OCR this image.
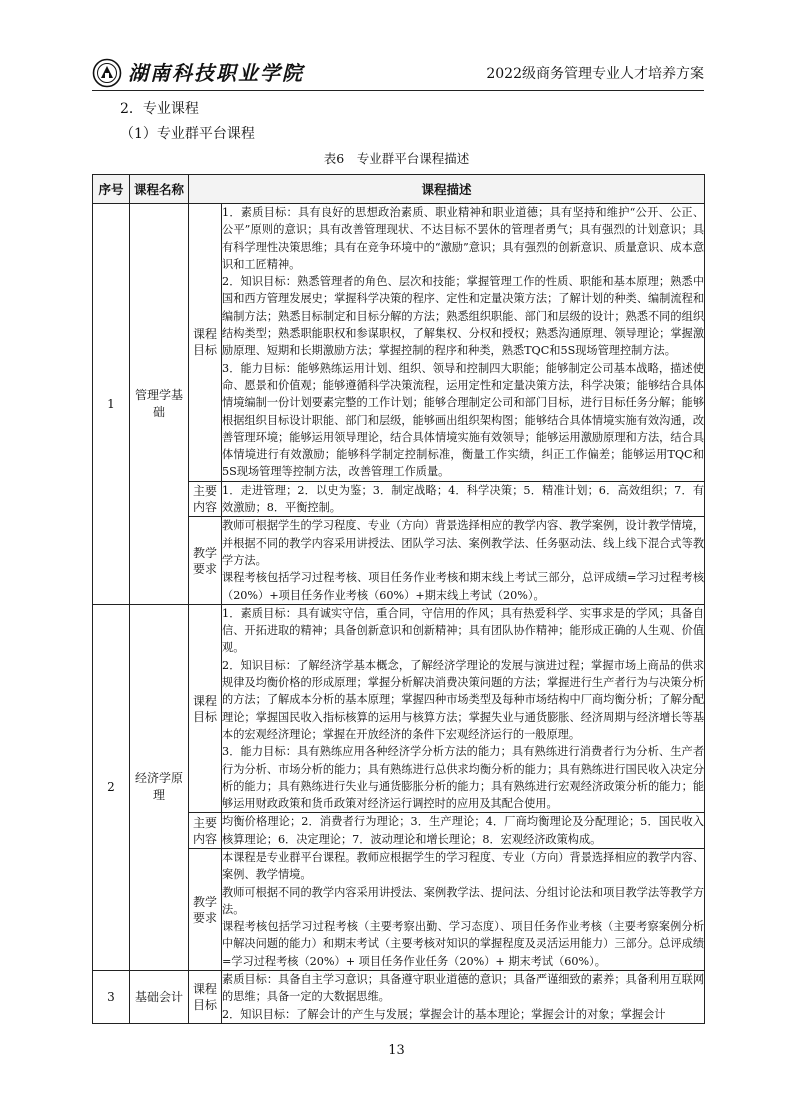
湖南科技职业学院	2022级商务管理专业人才培养方案
2．专业课程
（1）专业群平台课程
表6　专业群平台课程描述
序号	课程名称	课程描述	
1	管理学基础	课程目标	1．素质目标：具有良好的思想政治素质、职业精神和职业道德；具有坚持和维护“公开、公正、公平”原则的意识；具有改善管理现状、不达目标不罢休的管理者勇气；具有强烈的计划意识；具有科学理性决策思维；具有在竞争环境中的“激励”意识；具有强烈的创新意识、质量意识、成本意识和工匠精神。

2．知识目标：熟悉管理者的角色、层次和技能；掌握管理工作的性质、职能和基本原理；熟悉中国和西方管理发展史；掌握科学决策的程序、定性和定量决策方法；了解计划的种类、编制流程和编制方法；熟悉目标制定和目标分解的方法；熟悉组织职能、部门和层级的设计；熟悉不同的组织结构类型；熟悉职能职权和参谋职权，了解集权、分权和授权；熟悉沟通原理、领导理论；掌握激励原理、短期和长期激励方法；掌握控制的程序和种类，熟悉TQC和5S现场管理控制方法。

3．能力目标：能够熟练运用计划、组织、领导和控制四大职能；能够制定公司基本战略，描述使命、愿景和价值观；能够遵循科学决策流程，运用定性和定量决策方法，科学决策；能够结合具体情境编制一份计划要素完整的工作计划；能够合理制定公司和部门目标，进行目标任务分解；能够根据组织目标设计职能、部门和层级，能够画出组织架构图；能够结合具体情境实施有效沟通，改善管理环境；能够运用领导理论，结合具体情境实施有效领导；能够运用激励原理和方法，结合具体情境进行有效激励；能够科学制定控制标准，衡量工作实绩，纠正工作偏差；能够运用TQC和5S现场管理等控制方法，改善管理工作质量。

		主要内容	1．走进管理；2．以史为鉴；3．制定战略；4．科学决策；5．精准计划；6．高效组织；7．有效激励；8．平衡控制。

		教学要求	教师可根据学生的学习程度、专业（方向）背景选择相应的教学内容、教学案例，设计教学情境，并根据不同的教学内容采用讲授法、团队学习法、案例教学法、任务驱动法、线上线下混合式等教学方法。

课程考核包括学习过程考核、项目任务作业考核和期末线上考试三部分，总评成绩=学习过程考核（20%）+项目任务作业考核（60%）+期末线上考试（20%）。

2	经济学原理	课程目标	1．素质目标：具有诚实守信，重合同，守信用的作风；具有热爱科学、实事求是的学风；具备自信、开拓进取的精神；具备创新意识和创新精神；具有团队协作精神；能形成正确的人生观、价值观。

2．知识目标：了解经济学基本概念，了解经济学理论的发展与演进过程；掌握市场上商品的供求规律及均衡价格的形成原理；掌握分析解决消费决策问题的方法；掌握进行生产者行为与决策分析的方法；了解成本分析的基本原理；掌握四种市场类型及每种市场结构中厂商均衡分析；了解分配理论；掌握国民收入指标核算的运用与核算方法；掌握失业与通货膨胀、经济周期与经济增长等基本的宏观经济理论；掌握在开放经济的条件下宏观经济运行的一般原理。

3．能力目标：具有熟练应用各种经济学分析方法的能力；具有熟练进行消费者行为分析、生产者行为分析、市场分析的能力；具有熟练进行总供求均衡分析的能力；具有熟练进行国民收入决定分析的能力；具有熟练进行失业与通货膨胀分析的能力；具有熟练进行宏观经济政策分析的能力；能够运用财政政策和货币政策对经济运行调控时的应用及其配合使用。

		主要内容	均衡价格理论；2．消费者行为理论；3．生产理论；4．厂商均衡理论及分配理论；5．国民收入核算理论；6．决定理论；7．波动理论和增长理论；8．宏观经济政策构成。

		教学要求	本课程是专业群平台课程。教师应根据学生的学习程度、专业（方向）背景选择相应的教学内容、案例、教学情境。

教师可根据不同的教学内容采用讲授法、案例教学法、提问法、分组讨论法和项目教学法等教学方法。

课程考核包括学习过程考核（主要考察出勤、学习态度）、项目任务作业考核（主要考察案例分析中解决问题的能力）和期末考试（主要考核对知识的掌握程度及灵活运用能力）三部分。总评成绩=学习过程考核（20%）+ 项目任务作业任务（20%）+ 期末考试（60%）。

3	基础会计	课程目标	素质目标：具备自主学习意识；具备遵守职业道德的意识；具备严谨细致的素养；具备利用互联网的思维；具备一定的大数据思维。

2．知识目标：了解会计的产生与发展；掌握会计的基本理论；掌握会计的对象；掌握会计

13
